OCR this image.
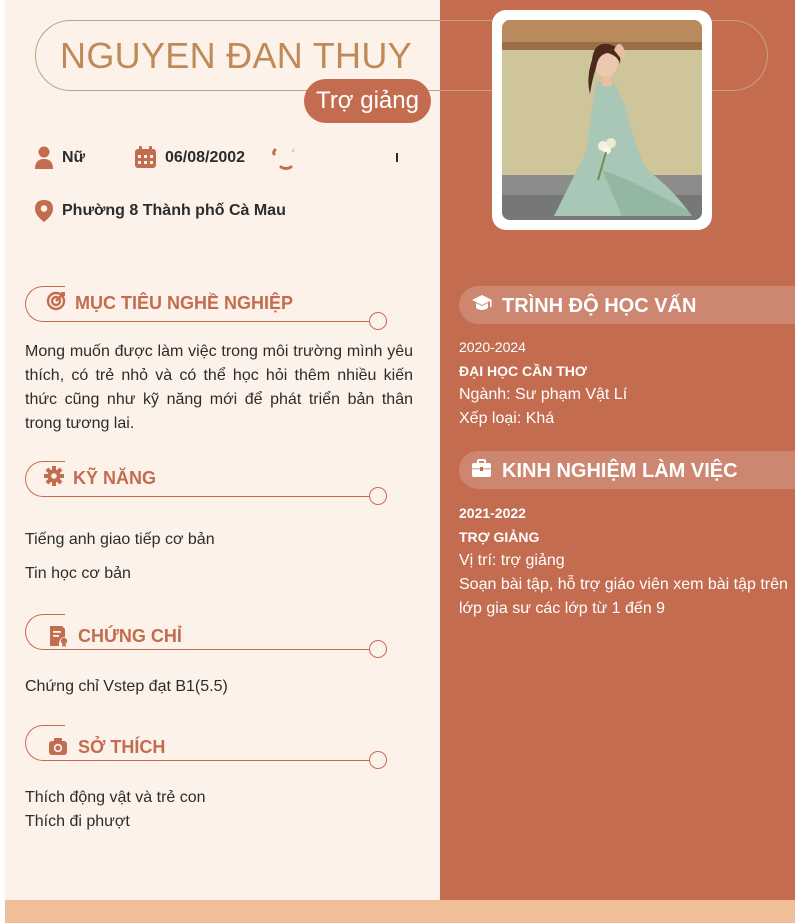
NGUYEN ĐAN THUY
Trợ giảng
Nữ	06/08/2002
Phường 8 Thành phố Cà Mau
MỤC TIÊU NGHỀ NGHIỆP
Mong muốn được làm việc trong môi trường mình yêu thích, có trẻ nhỏ và có thể học hỏi thêm nhiều kiến thức cũng như kỹ năng mới để phát triển bản thân trong tương lai.
KỸ NĂNG
Tiếng anh giao tiếp cơ bản
Tin học cơ bản
CHỨNG CHỈ
Chứng chỉ Vstep đạt B1(5.5)
SỞ THÍCH
Thích động vật và trẻ con
Thích đi phượt
TRÌNH ĐỘ HỌC VẤN
2020-2024
ĐẠI HỌC CẦN THƠ
Ngành: Sư phạm Vật Lí
Xếp loại: Khá
KINH NGHIỆM LÀM VIỆC
2021-2022
TRỢ GIẢNG
Vị trí: trợ giảng
Soạn bài tập, hỗ trợ giáo viên xem bài tập trên lớp gia sư các lớp từ 1 đến 9
